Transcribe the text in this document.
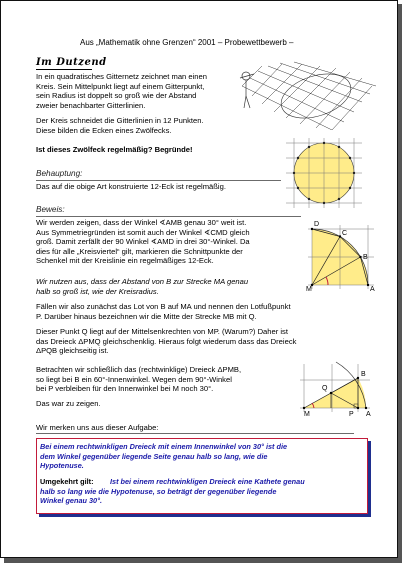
Aus „Mathematik ohne Grenzen“ 2001 – Probewettbewerb –
Im Dutzend
In ein quadratisches Gitternetz zeichnet man einen
Kreis. Sein Mittelpunkt liegt auf einem Gitterpunkt,
sein Radius ist doppelt so groß wie der Abstand
zweier benachbarter Gitterlinien.
Der Kreis schneidet die Gitterlinien in 12 Punkten.
Diese bilden die Ecken eines Zwölfecks.
Ist dieses Zwölfeck regelmäßig? Begründe!
Behauptung:
Das auf die obige Art konstruierte 12-Eck ist regelmäßig.
Beweis:
Wir werden zeigen, dass der Winkel ∢AMB genau 30° weit ist.
Aus Symmetriegründen ist somit auch der Winkel ∢CMD gleich
groß. Damit zerfällt der 90 Winkel ∢AMD in drei 30°-Winkel. Da
dies für alle „Kreisviertel“ gilt, markieren die Schnittpunkte der
Schenkel mit der Kreislinie ein regelmäßiges 12-Eck.
Wir nutzen aus, dass der Abstand von B zur Strecke MA genau
halb so groß ist, wie der Kreisradius.
Fällen wir also zunächst das Lot von B auf MA und nennen den Lotfußpunkt
P. Darüber hinaus bezeichnen wir die Mitte der Strecke MB mit Q.
Dieser Punkt Q liegt auf der Mittelsenkrechten von MP. (Warum?) Daher ist
das Dreieck ΔPMQ gleichschenklig. Hieraus folgt wiederum dass das Dreieck
ΔPQB gleichseitig ist.
D
C
B
M	A
B
Q
M	P A
Betrachten wir schließlich das (rechtwinklige) Dreieck ΔPMB,
so liegt bei B ein 60°-Innenwinkel. Wegen dem 90°-Winkel
bei P verbleiben für den Innenwinkel bei M noch 30°.
Das war zu zeigen.
Wir merken uns aus dieser Aufgabe:
Bei einem rechtwinkligen Dreieck mit einem Innenwinkel von 30° ist die
dem Winkel gegenüber liegende Seite genau halb so lang, wie die
Hypotenuse.
Umgekehrt gilt: Ist bei einem rechtwinkligen Dreieck eine Kathete genau
halb so lang wie die Hypotenuse, so beträgt der gegenüber liegende
Winkel genau 30°.
